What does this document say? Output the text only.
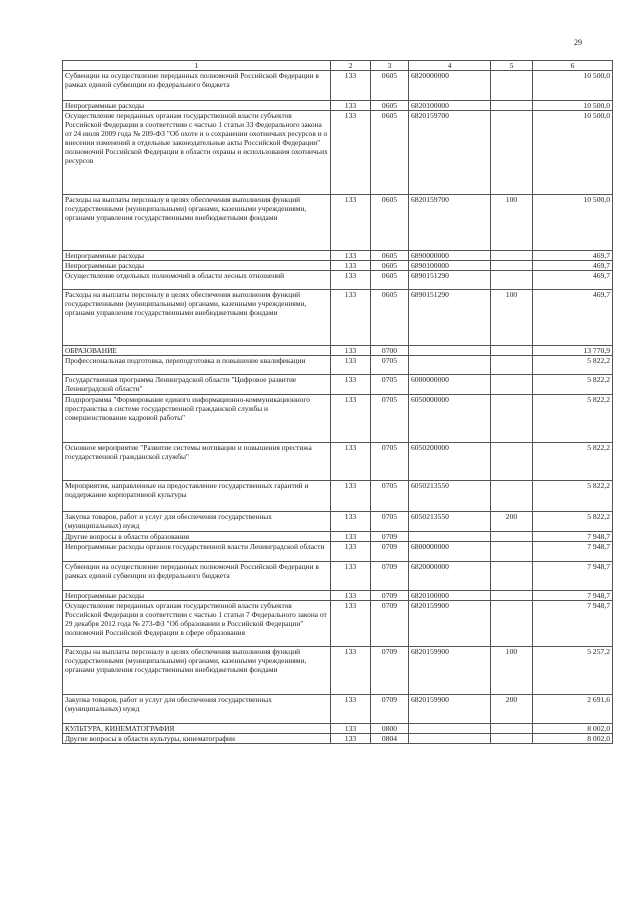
29
1	2	3	4	5	6
Субвенции на осуществление переданных полномочий Российской Федерации в рамках единой субвенции из федерального бюджета	133	0605	6820000000		10 500,0
Непрограммные расходы	133	0605	6820100000		10 500,0
Осуществление переданных органам государственной власти субъектов Российской Федерации в соответствии с частью 1 статьи 33 Федерального закона от 24 июля 2009 года № 209-ФЗ "Об охоте и о сохранении охотничьих ресурсов и о внесении изменений в отдельные законодательные акты Российской Федерации" полномочий Российской Федерации в области охраны и использования охотничьих ресурсов	133	0605	6820159700		10 500,0
Расходы на выплаты персоналу в целях обеспечения выполнения функций государственными (муниципальными) органами, казенными учреждениями, органами управления государственными внебюджетными фондами	133	0605	6820159700	100	10 500,0
Непрограммные расходы	133	0605	6890000000		469,7
Непрограммные расходы	133	0605	6890100000		469,7
Осуществление отдельных полномочий в области лесных отношений	133	0605	6890151290		469,7
Расходы на выплаты персоналу в целях обеспечения выполнения функций государственными (муниципальными) органами, казенными учреждениями, органами управления государственными внебюджетными фондами	133	0605	6890151290	100	469,7
ОБРАЗОВАНИЕ	133	0700			13 770,9
Профессиональная подготовка, переподготовка и повышение квалификации	133	0705			5 822,2
Государственная программа Ленинградской области "Цифровое развитие Ленинградской области"	133	0705	6000000000		5 822,2
Подпрограмма "Формирование единого информационно-коммуникационного пространства в системе государственной гражданской службы и совершенствование кадровой работы"	133	0705	6050000000		5 822,2
Основное мероприятие "Развитие системы мотивации и повышения престижа государственной гражданской службы"	133	0705	6050200000		5 822,2
Мероприятия, направленные на предоставление государственных гарантий и поддержание корпоративной культуры	133	0705	6050213550		5 822,2
Закупка товаров, работ и услуг для обеспечения государственных (муниципальных) нужд	133	0705	6050213550	200	5 822,2
Другие вопросы в области образования	133	0709			7 948,7
Непрограммные расходы органов государственной власти Ленинградской области	133	0709	6800000000		7 948,7
Субвенции на осуществление переданных полномочий Российской Федерации в рамках единой субвенции из федерального бюджета	133	0709	6820000000		7 948,7
Непрограммные расходы	133	0709	6820100000		7 948,7
Осуществление переданных органам государственной власти субъектов Российской Федерации в соответствии с частью 1 статьи 7 Федерального закона от 29 декабря 2012 года № 273-ФЗ "Об образовании в Российской Федерации" полномочий Российской Федерации в сфере образования	133	0709	6820159900		7 948,7
Расходы на выплаты персоналу в целях обеспечения выполнения функций государственными (муниципальными) органами, казенными учреждениями, органами управления государственными внебюджетными фондами	133	0709	6820159900	100	5 257,2
Закупка товаров, работ и услуг для обеспечения государственных (муниципальных) нужд	133	0709	6820159900	200	2 691,6
КУЛЬТУРА, КИНЕМАТОГРАФИЯ	133	0800			8 002,0
Другие вопросы в области культуры, кинематографии	133	0804			8 002,0
